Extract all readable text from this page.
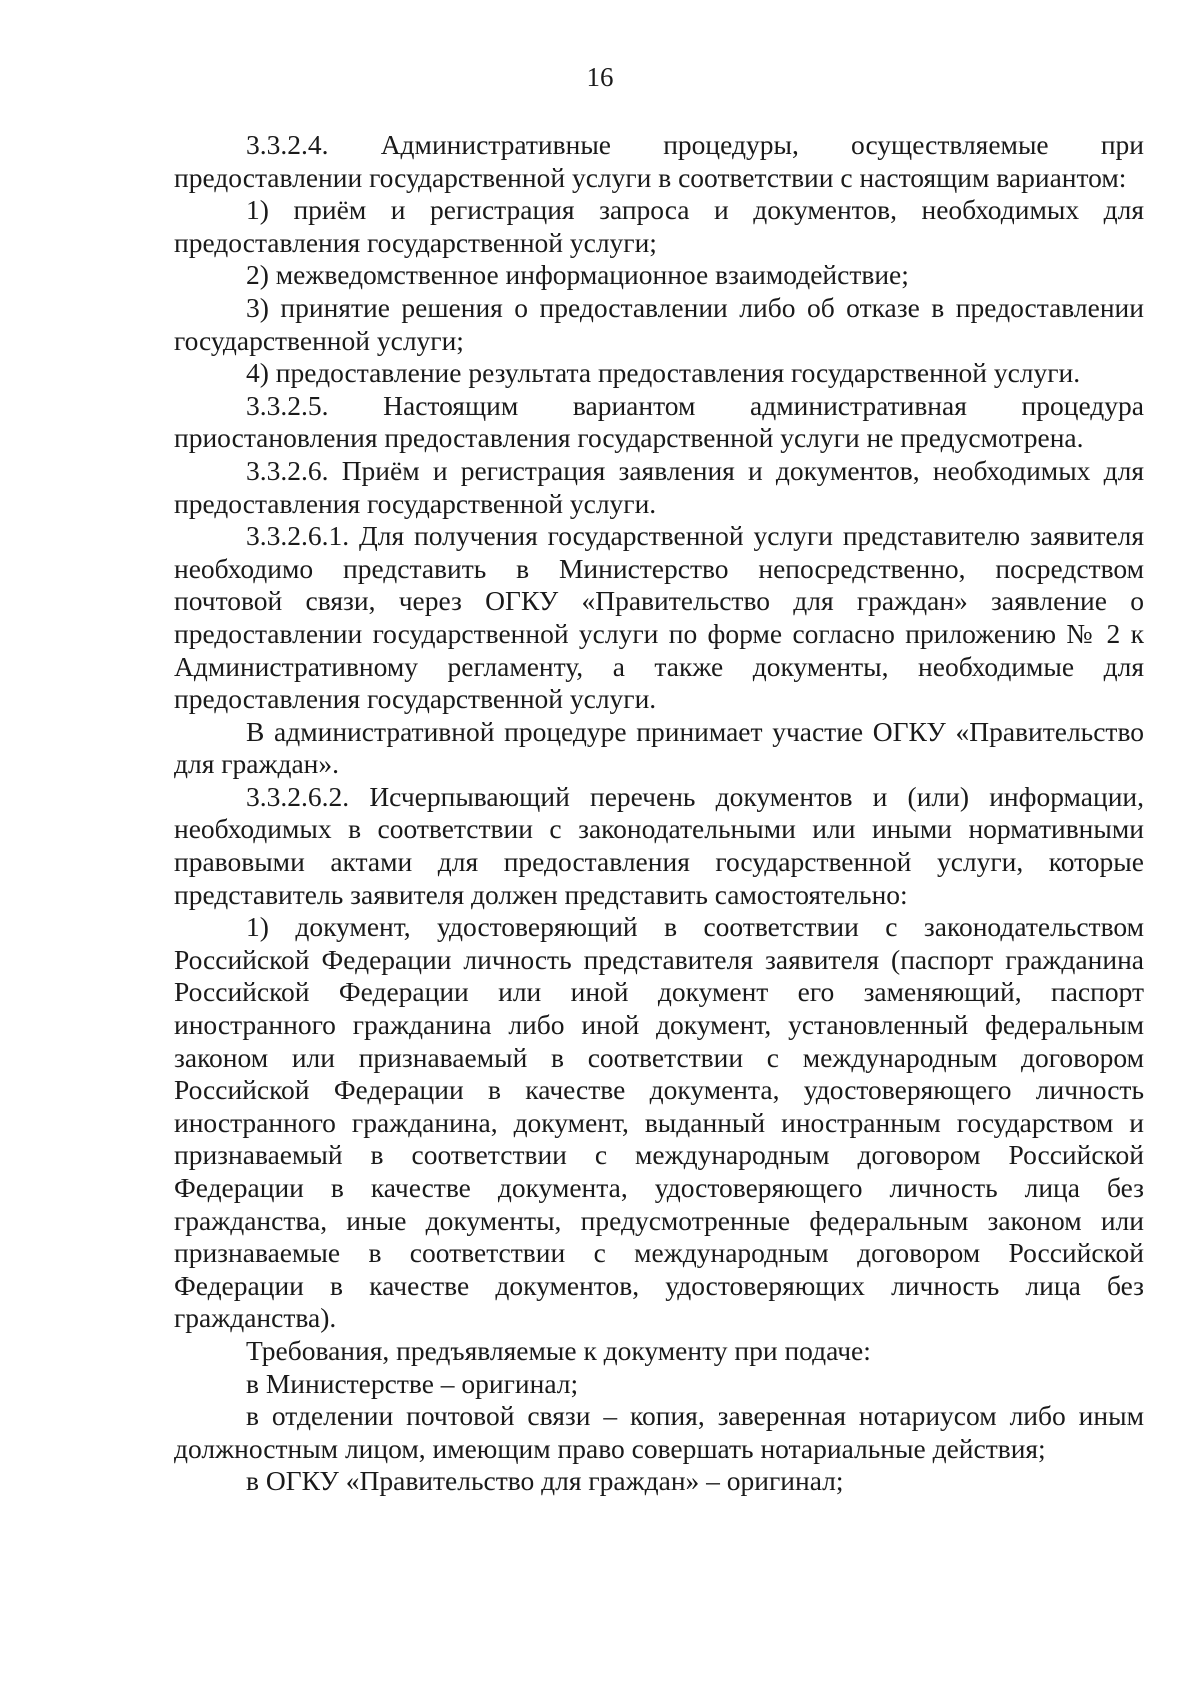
16

3.3.2.4. Административные процедуры, осуществляемые при предоставлении государственной услуги в соответствии с настоящим вариантом:

1) приём и регистрация запроса и документов, необходимых для предоставления государственной услуги;

2) межведомственное информационное взаимодействие;

3) принятие решения о предоставлении либо об отказе в предоставлении государственной услуги;

4) предоставление результата предоставления государственной услуги.

3.3.2.5. Настоящим вариантом административная процедура приостановления предоставления государственной услуги не предусмотрена.

3.3.2.6. Приём и регистрация заявления и документов, необходимых для предоставления государственной услуги.

3.3.2.6.1. Для получения государственной услуги представителю заявителя необходимо представить в Министерство непосредственно, посредством почтовой связи, через ОГКУ «Правительство для граждан» заявление о предоставлении государственной услуги по форме согласно приложению № 2 к Административному регламенту, а также документы, необходимые для предоставления государственной услуги.

В административной процедуре принимает участие ОГКУ «Правительство для граждан».

3.3.2.6.2. Исчерпывающий перечень документов и (или) информации, необходимых в соответствии с законодательными или иными нормативными правовыми актами для предоставления государственной услуги, которые представитель заявителя должен представить самостоятельно:

1) документ, удостоверяющий в соответствии с законодательством Российской Федерации личность представителя заявителя (паспорт гражданина Российской Федерации или иной документ его заменяющий, паспорт иностранного гражданина либо иной документ, установленный федеральным законом или признаваемый в соответствии с международным договором Российской Федерации в качестве документа, удостоверяющего личность иностранного гражданина, документ, выданный иностранным государством и признаваемый в соответствии с международным договором Российской Федерации в качестве документа, удостоверяющего личность лица без гражданства, иные документы, предусмотренные федеральным законом или признаваемые в соответствии с международным договором Российской Федерации в качестве документов, удостоверяющих личность лица без гражданства).

Требования, предъявляемые к документу при подаче:

в Министерстве – оригинал;

в отделении почтовой связи – копия, заверенная нотариусом либо иным должностным лицом, имеющим право совершать нотариальные действия;

в ОГКУ «Правительство для граждан» – оригинал;
